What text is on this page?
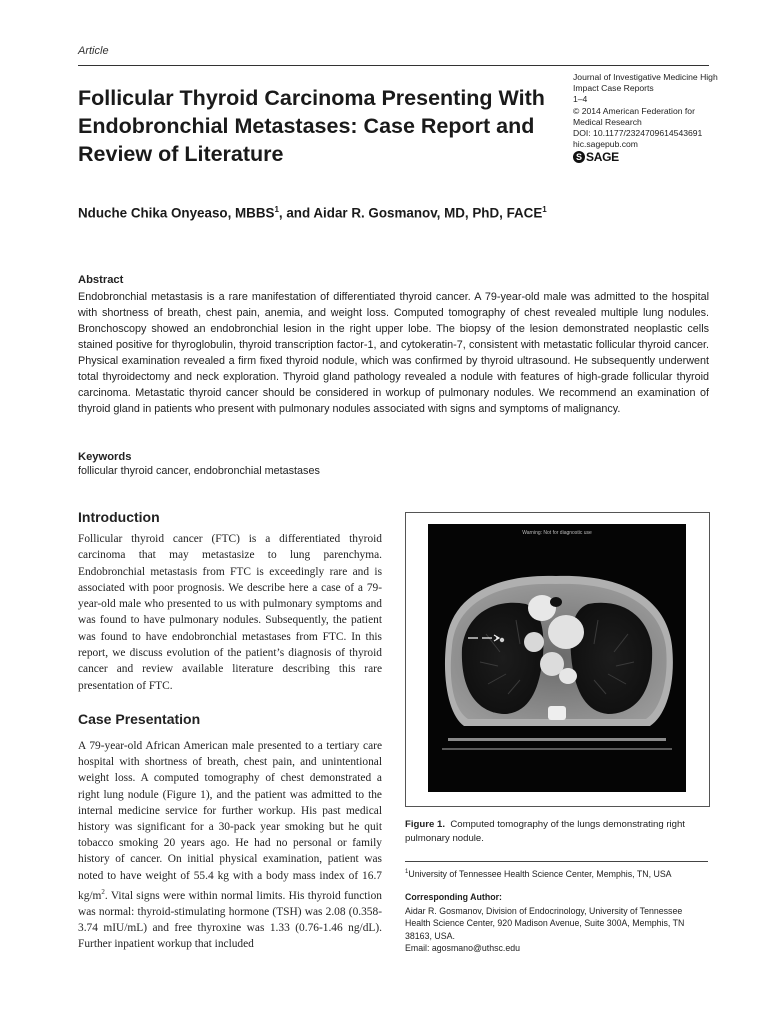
Article
Follicular Thyroid Carcinoma Presenting With Endobronchial Metastases: Case Report and Review of Literature
Journal of Investigative Medicine High
Impact Case Reports
1–4
© 2014 American Federation for
Medical Research
DOI: 10.1177/2324709614543691
hic.sagepub.com
S SAGE
Nduche Chika Onyeaso, MBBS$^1$, and Aidar R. Gosmanov, MD, PhD, FACE$^1$
Abstract
Endobronchial metastasis is a rare manifestation of differentiated thyroid cancer. A 79-year-old male was admitted to the hospital with shortness of breath, chest pain, anemia, and weight loss. Computed tomography of chest revealed multiple lung nodules. Bronchoscopy showed an endobronchial lesion in the right upper lobe. The biopsy of the lesion demonstrated neoplastic cells stained positive for thyroglobulin, thyroid transcription factor-1, and cytokeratin-7, consistent with metastatic follicular thyroid cancer. Physical examination revealed a firm fixed thyroid nodule, which was confirmed by thyroid ultrasound. He subsequently underwent total thyroidectomy and neck exploration. Thyroid gland pathology revealed a nodule with features of high-grade follicular thyroid carcinoma. Metastatic thyroid cancer should be considered in workup of pulmonary nodules. We recommend an examination of thyroid gland in patients who present with pulmonary nodules associated with signs and symptoms of malignancy.
Keywords
follicular thyroid cancer, endobronchial metastases
Introduction
Follicular thyroid cancer (FTC) is a differentiated thyroid carcinoma that may metastasize to lung parenchyma. Endobronchial metastasis from FTC is exceedingly rare and is associated with poor prognosis. We describe here a case of a 79-year-old male who presented to us with pulmonary symptoms and was found to have pulmonary nodules. Subsequently, the patient was found to have endobronchial metastases from FTC. In this report, we discuss evolution of the patient’s diagnosis of thyroid cancer and review available literature describing this rare presentation of FTC.
Case Presentation
A 79-year-old African American male presented to a tertiary care hospital with shortness of breath, chest pain, and unintentional weight loss. A computed tomography of chest demonstrated a right lung nodule (Figure 1), and the patient was admitted to the internal medicine service for further workup. His past medical history was significant for a 30-pack year smoking but he quit tobacco smoking 20 years ago. He had no personal or family history of cancer. On initial physical examination, patient was noted to have weight of 55.4 kg with a body mass index of 16.7 $kg/m^2$. Vital signs were within normal limits. His thyroid function was normal: thyroid-stimulating hormone (TSH) was 2.08 (0.358-3.74 mIU/mL) and free thyroxine was 1.33 (0.76-1.46 ng/dL). Further inpatient workup that included
Warning: Not for diagnostic use
Figure 1. Computed tomography of the lungs demonstrating right pulmonary nodule.
$^1$University of Tennessee Health Science Center, Memphis, TN, USA
Corresponding Author:
Aidar R. Gosmanov, Division of Endocrinology, University of Tennessee
Health Science Center, 920 Madison Avenue, Suite 300A, Memphis, TN
38163, USA.
Email: agosmano@uthsc.edu
